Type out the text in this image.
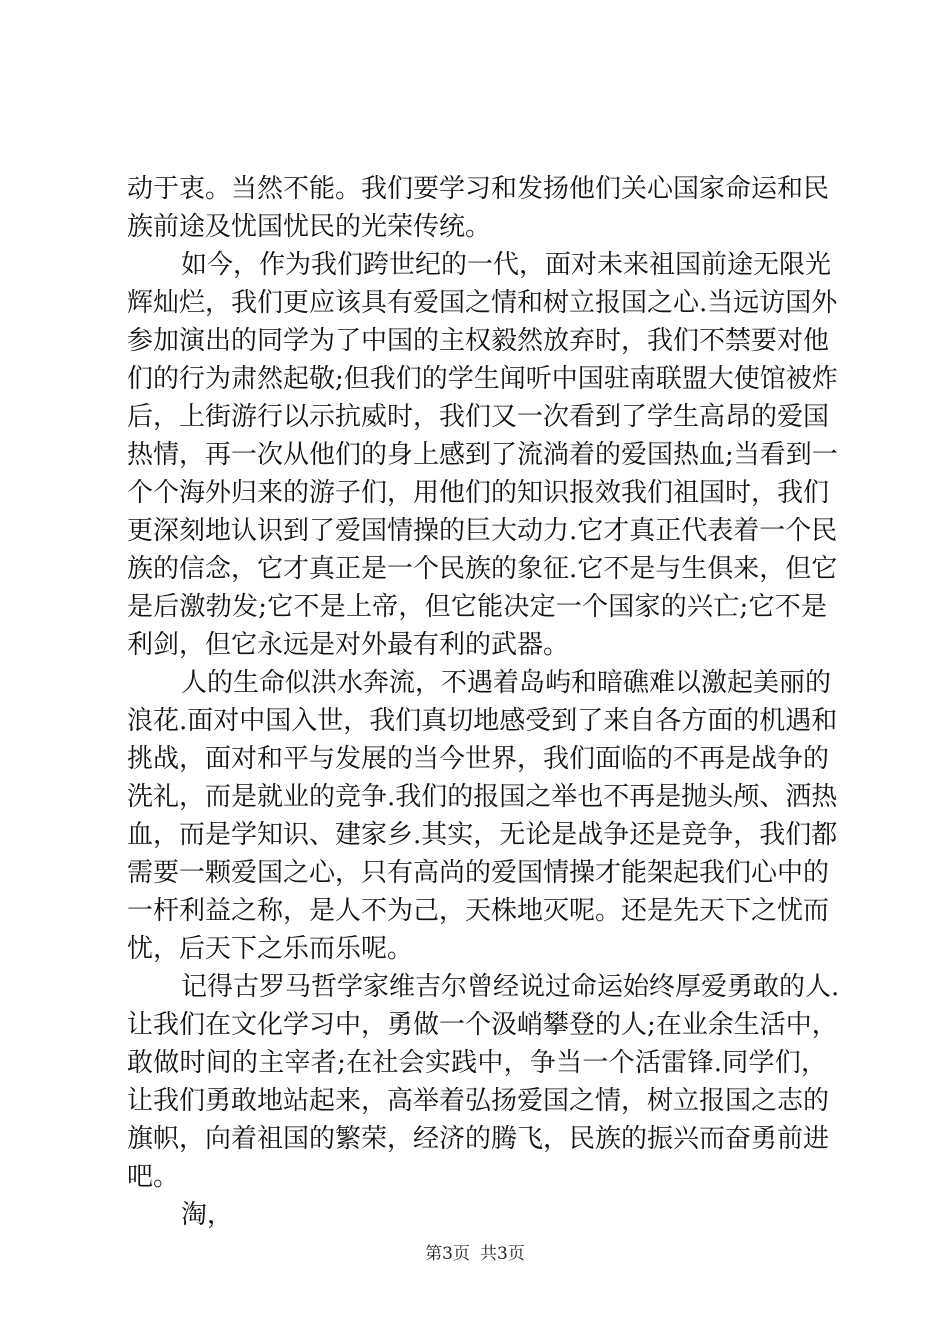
动于衷。当然不能。我们要学习和发扬他们关心国家命运和民
族前途及忧国忧民的光荣传统。
如今，作为我们跨世纪的一代，面对未来祖国前途无限光
辉灿烂，我们更应该具有爱国之情和树立报国之心.当远访国外
参加演出的同学为了中国的主权毅然放弃时，我们不禁要对他
们的行为肃然起敬;但我们的学生闻听中国驻南联盟大使馆被炸
后，上街游行以示抗威时，我们又一次看到了学生高昂的爱国
热情，再一次从他们的身上感到了流淌着的爱国热血;当看到一
个个海外归来的游子们，用他们的知识报效我们祖国时，我们
更深刻地认识到了爱国情操的巨大动力.它才真正代表着一个民
族的信念，它才真正是一个民族的象征.它不是与生俱来，但它
是后激勃发;它不是上帝，但它能决定一个国家的兴亡;它不是
利剑，但它永远是对外最有利的武器。
人的生命似洪水奔流，不遇着岛屿和暗礁难以激起美丽的
浪花.面对中国入世，我们真切地感受到了来自各方面的机遇和
挑战，面对和平与发展的当今世界，我们面临的不再是战争的
洗礼，而是就业的竞争.我们的报国之举也不再是抛头颅、洒热
血，而是学知识、建家乡.其实，无论是战争还是竞争，我们都
需要一颗爱国之心，只有高尚的爱国情操才能架起我们心中的
一杆利益之称，是人不为己，天株地灭呢。还是先天下之忧而
忧，后天下之乐而乐呢。
记得古罗马哲学家维吉尔曾经说过命运始终厚爱勇敢的人.
让我们在文化学习中，勇做一个汲峭攀登的人;在业余生活中，
敢做时间的主宰者;在社会实践中，争当一个活雷锋.同学们，
让我们勇敢地站起来，高举着弘扬爱国之情，树立报国之志的
旗帜，向着祖国的繁荣，经济的腾飞，民族的振兴而奋勇前进
吧。
淘，
第3页 共3页
